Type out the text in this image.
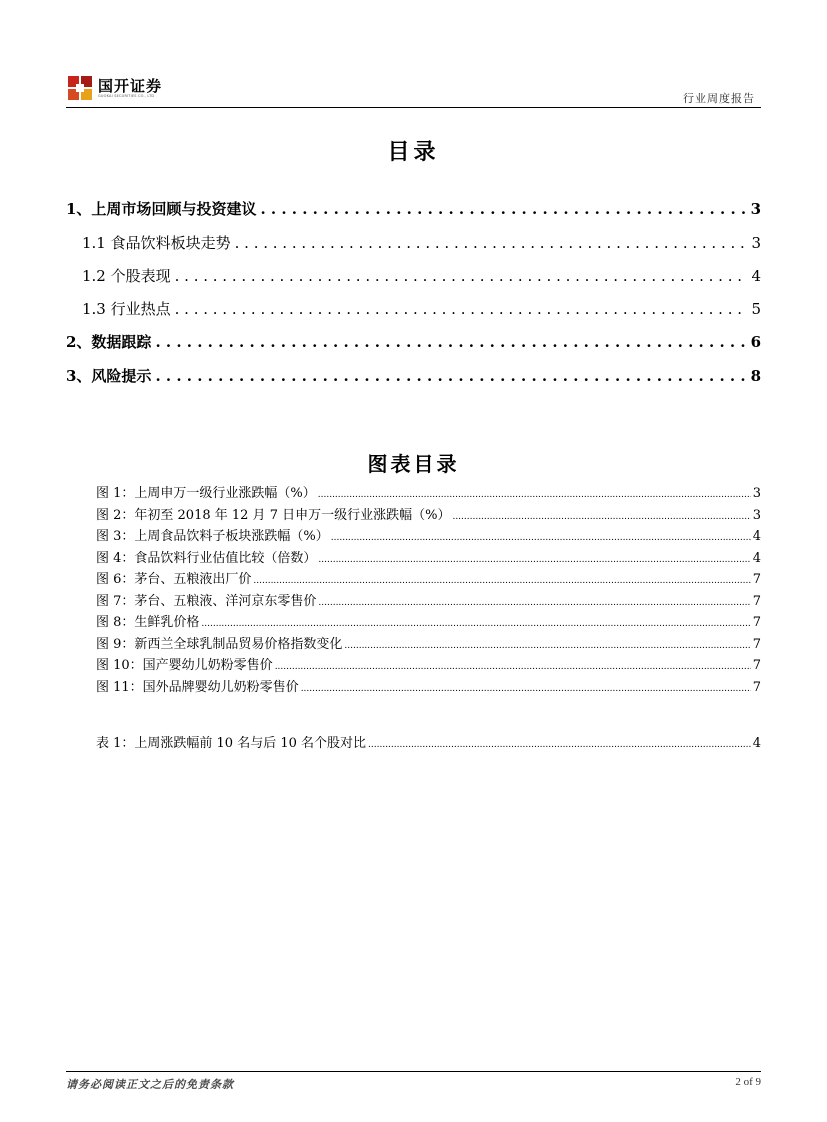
国开证券
GUOKAI SECURITIES CO., LTD	行业周度报告
目录
1、上周市场回顾与投资建议 . . .	3
1.1 食品饮料板块走势 . . .	3
1.2 个股表现 . . .	4
1.3 行业热点 . . .	5
2、数据跟踪 . . .	6
3、风险提示 . . .	8
图表目录
图 1：上周申万一级行业涨跌幅（%） .....	3
图 2：年初至 2018 年 12 月 7 日申万一级行业涨跌幅（%） .....	3
图 3：上周食品饮料子板块涨跌幅（%） .....	4
图 4：食品饮料行业估值比较（倍数） .....	4
图 6：茅台、五粮液出厂价 .....	7
图 7：茅台、五粮液、洋河京东零售价 .....	7
图 8：生鲜乳价格 .....	7
图 9：新西兰全球乳制品贸易价格指数变化 .....	7
图 10：国产婴幼儿奶粉零售价 .....	7
图 11：国外品牌婴幼儿奶粉零售价 .....	7
表 1：上周涨跌幅前 10 名与后 10 名个股对比 .....	4
请务必阅读正文之后的免责条款	2 of 9
